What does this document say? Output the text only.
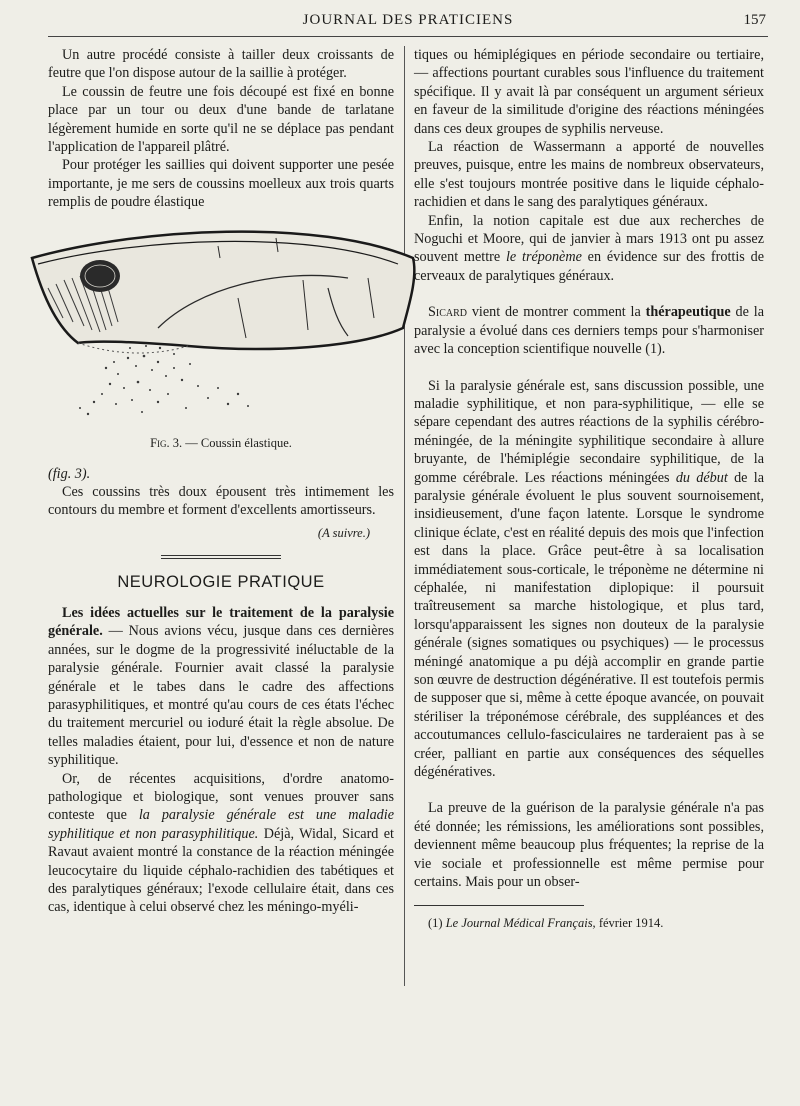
JOURNAL DES PRATICIENS	157

Un autre procédé consiste à tailler deux croissants de feutre que l'on dispose autour de la saillie à protéger.

Le coussin de feutre une fois découpé est fixé en bonne place par un tour ou deux d'une bande de tarlatane légèrement humide en sorte qu'il ne se déplace pas pendant l'application de l'appareil plâtré.

Pour protéger les saillies qui doivent supporter une pesée importante, je me sers de coussins moelleux aux trois quarts remplis de poudre élastique

Fig. 3. — Coussin élastique.

(fig. 3).

Ces coussins très doux épousent très intimement les contours du membre et forment d'excellents amortisseurs.

(A suivre.)
NEUROLOGIE PRATIQUE

Les idées actuelles sur le traitement de la paralysie générale. — Nous avions vécu, jusque dans ces dernières années, sur le dogme de la progressivité inéluctable de la paralysie générale. Fournier avait classé la paralysie générale et le tabes dans le cadre des affections parasyphilitiques, et montré qu'au cours de ces états l'échec du traitement mercuriel ou ioduré était la règle absolue. De telles maladies étaient, pour lui, d'essence et non de nature syphilitique.

Or, de récentes acquisitions, d'ordre anatomo-pathologique et biologique, sont venues prouver sans conteste que la paralysie générale est une maladie syphilitique et non parasyphilitique. Déjà, Widal, Sicard et Ravaut avaient montré la constance de la réaction méningée leucocytaire du liquide céphalo-rachidien des tabétiques et des paralytiques généraux; l'exode cellulaire était, dans ces cas, identique à celui observé chez les méningo-myéli-

tiques ou hémiplégiques en période secondaire ou tertiaire, — affections pourtant curables sous l'influence du traitement spécifique. Il y avait là par conséquent un argument sérieux en faveur de la similitude d'origine des réactions méningées dans ces deux groupes de syphilis nerveuse.

La réaction de Wassermann a apporté de nouvelles preuves, puisque, entre les mains de nombreux observateurs, elle s'est toujours montrée positive dans le liquide céphalo-rachidien et dans le sang des paralytiques généraux.

Enfin, la notion capitale est due aux recherches de Noguchi et Moore, qui de janvier à mars 1913 ont pu assez souvent mettre le tréponème en évidence sur des frottis de cerveaux de paralytiques généraux.

Sicard vient de montrer comment la thérapeutique de la paralysie a évolué dans ces derniers temps pour s'harmoniser avec la conception scientifique nouvelle (1).

Si la paralysie générale est, sans discussion possible, une maladie syphilitique, et non para-syphilitique, — elle se sépare cependant des autres réactions de la syphilis cérébro-méningée, de la méningite syphilitique secondaire à allure bruyante, de l'hémiplégie secondaire syphilitique, de la gomme cérébrale. Les réactions méningées du début de la paralysie générale évoluent le plus souvent sournoisement, insidieusement, d'une façon latente. Lorsque le syndrome clinique éclate, c'est en réalité depuis des mois que l'infection est dans la place. Grâce peut-être à sa localisation immédiatement sous-corticale, le tréponème ne détermine ni céphalée, ni manifestation diplopique: il poursuit traîtreusement sa marche histologique, et plus tard, lorsqu'apparaissent les signes non douteux de la paralysie générale (signes somatiques ou psychiques) — le processus méningé anatomique a pu déjà accomplir en grande partie son œuvre de destruction dégénérative. Il est toutefois permis de supposer que si, même à cette époque avancée, on pouvait stériliser la tréponémose cérébrale, des suppléances et des accoutumances cellulo-fasciculaires ne tarderaient pas à se créer, palliant en partie aux conséquences des séquelles dégénératives.

La preuve de la guérison de la paralysie générale n'a pas été donnée; les rémissions, les améliorations sont possibles, deviennent même beaucoup plus fréquentes; la reprise de la vie sociale et professionnelle est même permise pour certains. Mais pour un obser-

(1) Le Journal Médical Français, février 1914.
